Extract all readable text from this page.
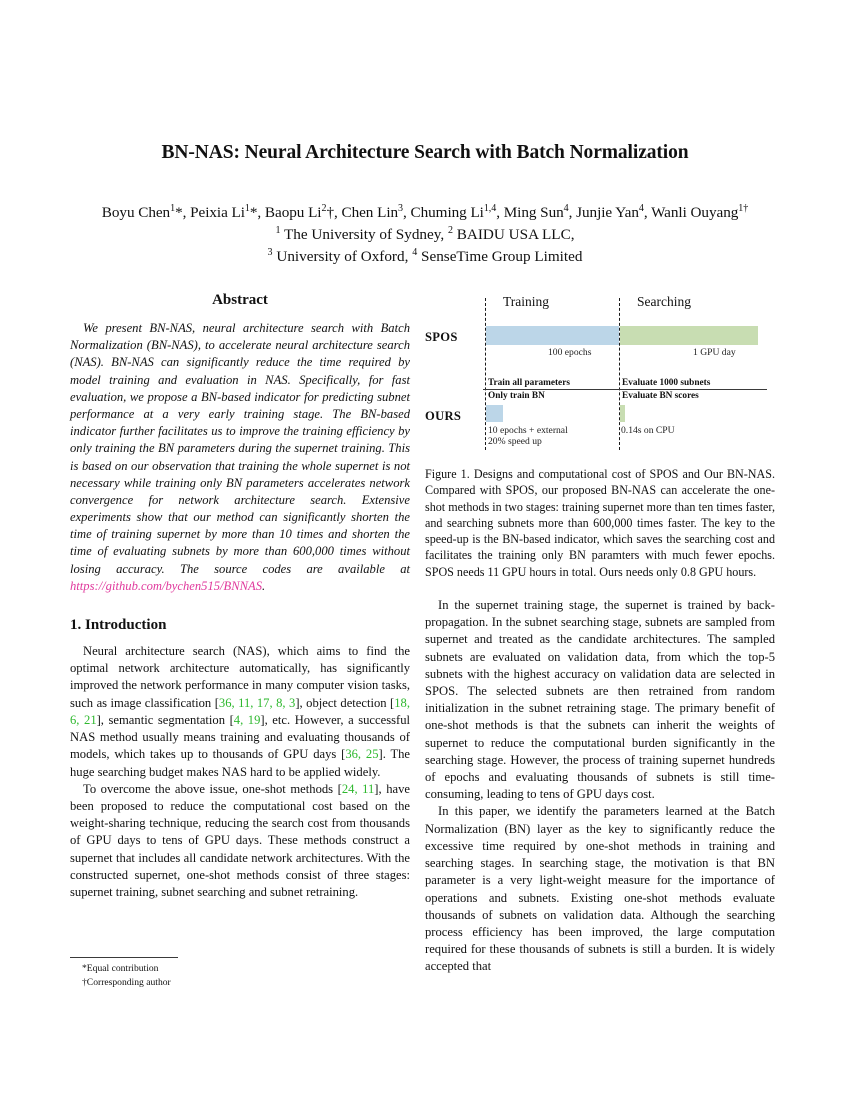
BN-NAS: Neural Architecture Search with Batch Normalization
Boyu Chen$^1$*, Peixia Li$^1$*, Baopu Li$^2$†, Chen Lin$^3$, Chuming Li$^{1,4}$, Ming Sun$^4$, Junjie Yan$^4$, Wanli Ouyang$^{1\dagger}$
$^1$ The University of Sydney, $^2$ BAIDU USA LLC,
$^3$ University of Oxford, $^4$ SenseTime Group Limited
Abstract

We present BN-NAS, neural architecture search with Batch Normalization (BN-NAS), to accelerate neural architecture search (NAS). BN-NAS can significantly reduce the time required by model training and evaluation in NAS. Specifically, for fast evaluation, we propose a BN-based indicator for predicting subnet performance at a very early training stage. The BN-based indicator further facilitates us to improve the training efficiency by only training the BN parameters during the supernet training. This is based on our observation that training the whole supernet is not necessary while training only BN parameters accelerates network convergence for network architecture search. Extensive experiments show that our method can significantly shorten the time of training supernet by more than 10 times and shorten the time of evaluating subnets by more than 600,000 times without losing accuracy. The source codes are available at https://github.com/bychen515/BNNAS.

1. Introduction

Neural architecture search (NAS), which aims to find the optimal network architecture automatically, has significantly improved the network performance in many computer vision tasks, such as image classification [36, 11, 17, 8, 3], object detection [18, 6, 21], semantic segmentation [4, 19], etc. However, a successful NAS method usually means training and evaluating thousands of models, which takes up to thousands of GPU days [36, 25]. The huge searching budget makes NAS hard to be applied widely.

To overcome the above issue, one-shot methods [24, 11], have been proposed to reduce the computational cost based on the weight-sharing technique, reducing the search cost from thousands of GPU days to tens of GPU days. These methods construct a supernet that includes all candidate network architectures. With the constructed supernet, one-shot methods consist of three stages: supernet training, subnet searching and subnet retraining.

*Equal contribution

†Corresponding author

Training	Searching
SPOS
OURS
100 epochs	1 GPU day
10 epochs + external
20% speed up
0.14s on CPU
Train all parameters
Only train BN
Evaluate 1000 subnets
Evaluate BN scores

Figure 1. Designs and computational cost of SPOS and Our BN-NAS. Compared with SPOS, our proposed BN-NAS can accelerate the one-shot methods in two stages: training supernet more than ten times faster, and searching subnets more than 600,000 times faster. The key to the speed-up is the BN-based indicator, which saves the searching cost and facilitates the training only BN paramters with much fewer epochs. SPOS needs 11 GPU hours in total. Ours needs only 0.8 GPU hours.

In the supernet training stage, the supernet is trained by back-propagation. In the subnet searching stage, subnets are sampled from supernet and treated as the candidate architectures. The sampled subnets are evaluated on validation data, from which the top-5 subnets with the highest accuracy on validation data are selected in SPOS. The selected subnets are then retrained from random initialization in the subnet retraining stage. The primary benefit of one-shot methods is that the subnets can inherit the weights of supernet to reduce the computational burden significantly in the searching stage. However, the process of training supernet hundreds of epochs and evaluating thousands of subnets is still time-consuming, leading to tens of GPU days cost.

In this paper, we identify the parameters learned at the Batch Normalization (BN) layer as the key to significantly reduce the excessive time required by one-shot methods in training and searching stages. In searching stage, the motivation is that BN parameter is a very light-weight measure for the importance of operations and subnets. Existing one-shot methods evaluate thousands of subnets on validation data. Although the searching process efficiency has been improved, the large computation required for these thousands of subnets is still a burden. It is widely accepted that
